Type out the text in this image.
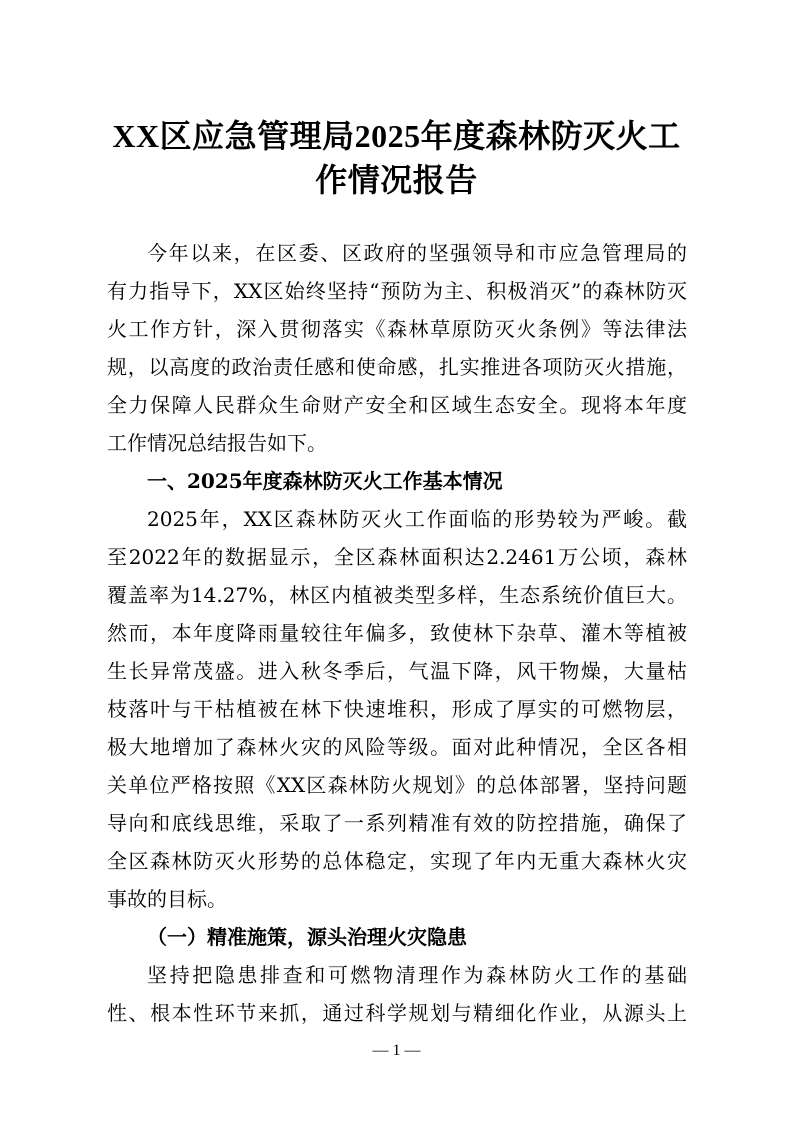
XX区应急管理局2025年度森林防灭火工
作情况报告
今年以来，在区委、区政府的坚强领导和市应急管理局的
有力指导下，XX区始终坚持“预防为主、积极消灭”的森林防灭
火工作方针，深入贯彻落实《森林草原防灭火条例》等法律法
规，以高度的政治责任感和使命感，扎实推进各项防灭火措施，
全力保障人民群众生命财产安全和区域生态安全。现将本年度
工作情况总结报告如下。
一、2025年度森林防灭火工作基本情况
2025年，XX区森林防灭火工作面临的形势较为严峻。截
至2022年的数据显示，全区森林面积达2.2461万公顷，森林
覆盖率为14.27%，林区内植被类型多样，生态系统价值巨大。
然而，本年度降雨量较往年偏多，致使林下杂草、灌木等植被
生长异常茂盛。进入秋冬季后，气温下降，风干物燥，大量枯
枝落叶与干枯植被在林下快速堆积，形成了厚实的可燃物层，
极大地增加了森林火灾的风险等级。面对此种情况，全区各相
关单位严格按照《XX区森林防火规划》的总体部署，坚持问题
导向和底线思维，采取了一系列精准有效的防控措施，确保了
全区森林防灭火形势的总体稳定，实现了年内无重大森林火灾
事故的目标。
（一）精准施策，源头治理火灾隐患
坚持把隐患排查和可燃物清理作为森林防火工作的基础
性、根本性环节来抓，通过科学规划与精细化作业，从源头上
— 1 —
